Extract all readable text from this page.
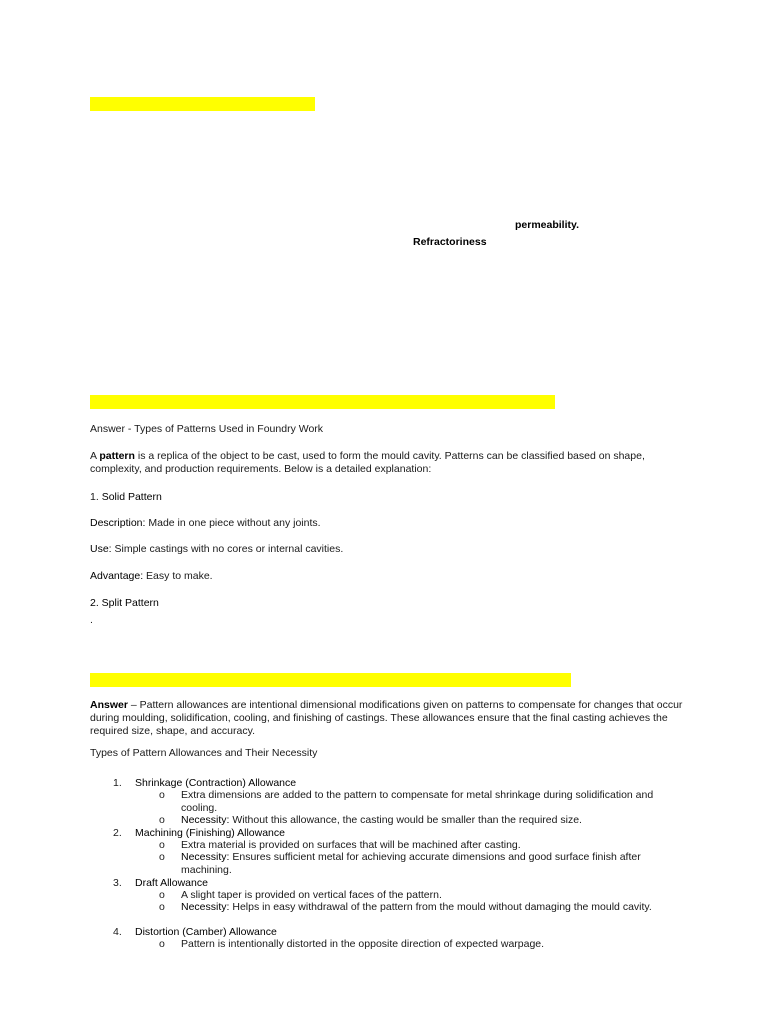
permeability.
Refractoriness
Answer - Types of Patterns Used in Foundry Work
A pattern is a replica of the object to be cast, used to form the mould cavity. Patterns can be classified based on shape, complexity, and production requirements. Below is a detailed explanation:
1. Solid Pattern
Description: Made in one piece without any joints.
Use: Simple castings with no cores or internal cavities.
Advantage: Easy to make.
2. Split Pattern
.
Answer – Pattern allowances are intentional dimensional modifications given on patterns to compensate for changes that occur during moulding, solidification, cooling, and finishing of castings. These allowances ensure that the final casting achieves the required size, shape, and accuracy.
Types of Pattern Allowances and Their Necessity
1. Shrinkage (Contraction) Allowance
o Extra dimensions are added to the pattern to compensate for metal shrinkage during solidification and cooling.
o Necessity: Without this allowance, the casting would be smaller than the required size.
2. Machining (Finishing) Allowance
o Extra material is provided on surfaces that will be machined after casting.
o Necessity: Ensures sufficient metal for achieving accurate dimensions and good surface finish after machining.
3. Draft Allowance
o A slight taper is provided on vertical faces of the pattern.
o Necessity: Helps in easy withdrawal of the pattern from the mould without damaging the mould cavity.
4. Distortion (Camber) Allowance
o Pattern is intentionally distorted in the opposite direction of expected warpage.
